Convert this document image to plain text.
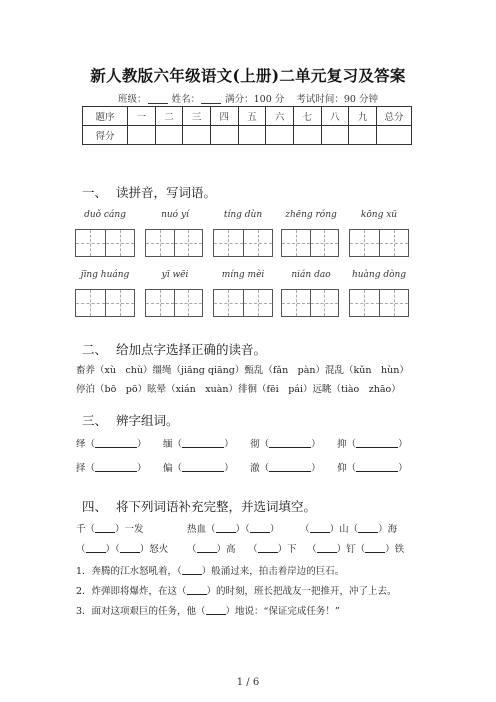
新人教版六年级语文(上册)二单元复习及答案
班级：	姓名：	满分：100 分 考试时间：90 分钟
题序	一	二	三	四	五	六	七	八	九	总分
得分										
一、 读拼音，写词语。
duǒ cáng	nuó yí	tíng dùn	zhēng róng	kōng xū
jīng huáng	yī wēi	míng mèi	nián dao	huàng dòng
二、 给加点字选择正确的读音。
畜养（xù　chù）缰绳（jiāng qiāng）甄乱（fǎn　pàn）混乱（kǔn　hùn）
停泊（bō　pō）眩晕（xián　xuàn）徘徊（fēi　pái）远眺（tiào　zhāo）
三、 辨字组词。
绎（	） 缅（	） 彻（	） 抑（	）
择（	） 偏（	） 澈（	） 仰（	）
四、 将下列词语补充完整，并选词填空。
千（ ）一发	热血（ ）（ ） （ ）山（ ）海
（ ）（ ）怒火 （ ）高 （ ）下 （ ）钉（ ）铁
1．奔腾的江水怒吼着，（ ）般涌过来，拍击着岸边的巨石。
2．炸弹即将爆炸，在这（ ）的时刻，班长把战友一把推开，冲了上去。
3．面对这项艰巨的任务，他（ ）地说：“保证完成任务！”
1 / 6
